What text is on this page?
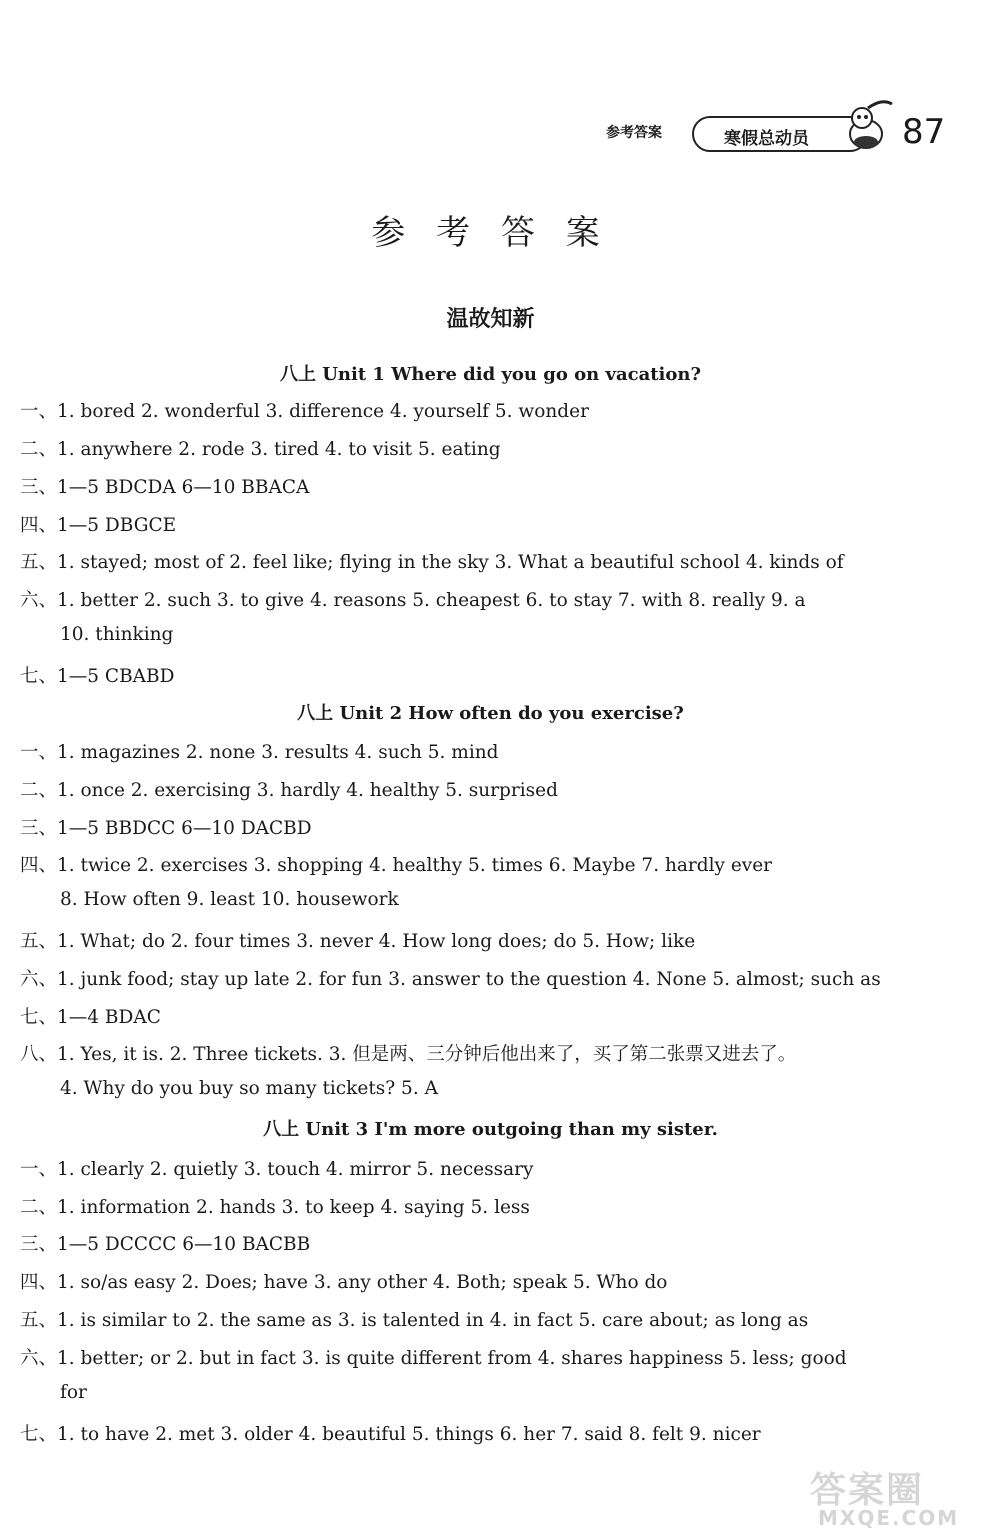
参考答案	寒假总动员	87
参 考 答 案
温故知新
八上 Unit 1 Where did you go on vacation?
一、1. bored 2. wonderful 3. difference 4. yourself 5. wonder
二、1. anywhere 2. rode 3. tired 4. to visit 5. eating
三、1—5 BDCDA 6—10 BBACA
四、1—5 DBGCE
五、1. stayed; most of 2. feel like; flying in the sky 3. What a beautiful school 4. kinds of
六、1. better 2. such 3. to give 4. reasons 5. cheapest 6. to stay 7. with 8. really 9. a
10. thinking
七、1—5 CBABD
八上 Unit 2 How often do you exercise?
一、1. magazines 2. none 3. results 4. such 5. mind
二、1. once 2. exercising 3. hardly 4. healthy 5. surprised
三、1—5 BBDCC 6—10 DACBD
四、1. twice 2. exercises 3. shopping 4. healthy 5. times 6. Maybe 7. hardly ever
8. How often 9. least 10. housework
五、1. What; do 2. four times 3. never 4. How long does; do 5. How; like
六、1. junk food; stay up late 2. for fun 3. answer to the question 4. None 5. almost; such as
七、1—4 BDAC
八、1. Yes, it is. 2. Three tickets. 3. 但是两、三分钟后他出来了，买了第二张票又进去了。
4. Why do you buy so many tickets? 5. A
八上 Unit 3 I'm more outgoing than my sister.
一、1. clearly 2. quietly 3. touch 4. mirror 5. necessary
二、1. information 2. hands 3. to keep 4. saying 5. less
三、1—5 DCCCC 6—10 BACBB
四、1. so/as easy 2. Does; have 3. any other 4. Both; speak 5. Who do
五、1. is similar to 2. the same as 3. is talented in 4. in fact 5. care about; as long as
六、1. better; or 2. but in fact 3. is quite different from 4. shares happiness 5. less; good
for
七、1. to have 2. met 3. older 4. beautiful 5. things 6. her 7. said 8. felt 9. nicer
答案圈
MXQE.COM
